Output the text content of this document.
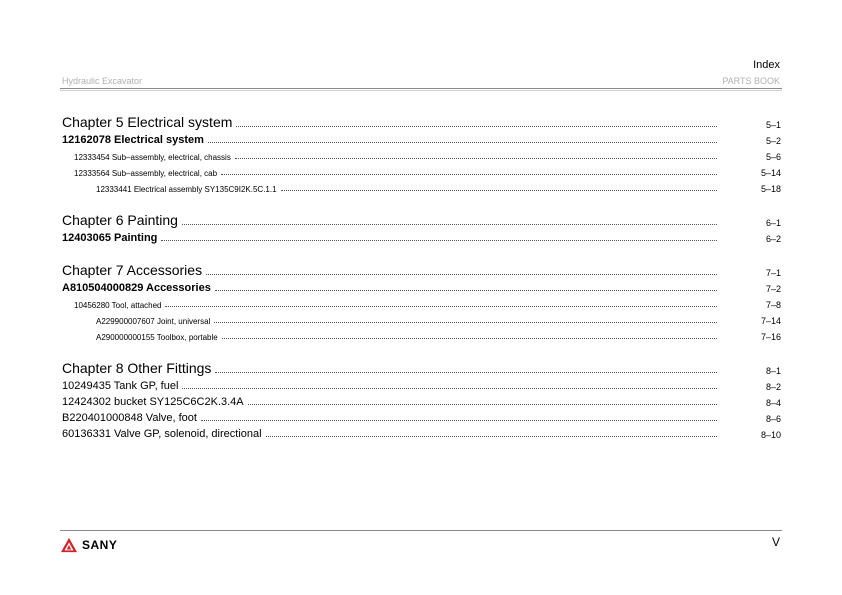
Index
Hydraulic Excavator	PARTS BOOK
Chapter 5 Electrical system	5–1
12162078 Electrical system	5–2
12333454 Sub–assembly, electrical, chassis	5–6
12333564 Sub–assembly, electrical, cab	5–14
12333441 Electrical assembly SY135C9I2K.5C.1.1	5–18
Chapter 6 Painting	6–1
12403065 Painting	6–2
Chapter 7 Accessories	7–1
A810504000829 Accessories	7–2
10456280 Tool, attached	7–8
A229900007607 Joint, universal	7–14
A290000000155 Toolbox, portable	7–16
Chapter 8 Other Fittings	8–1
10249435 Tank GP, fuel	8–2
12424302 bucket SY125C6C2K.3.4A	8–4
B220401000848 Valve, foot	8–6
60136331 Valve GP, solenoid, directional	8–10
SANY	V
